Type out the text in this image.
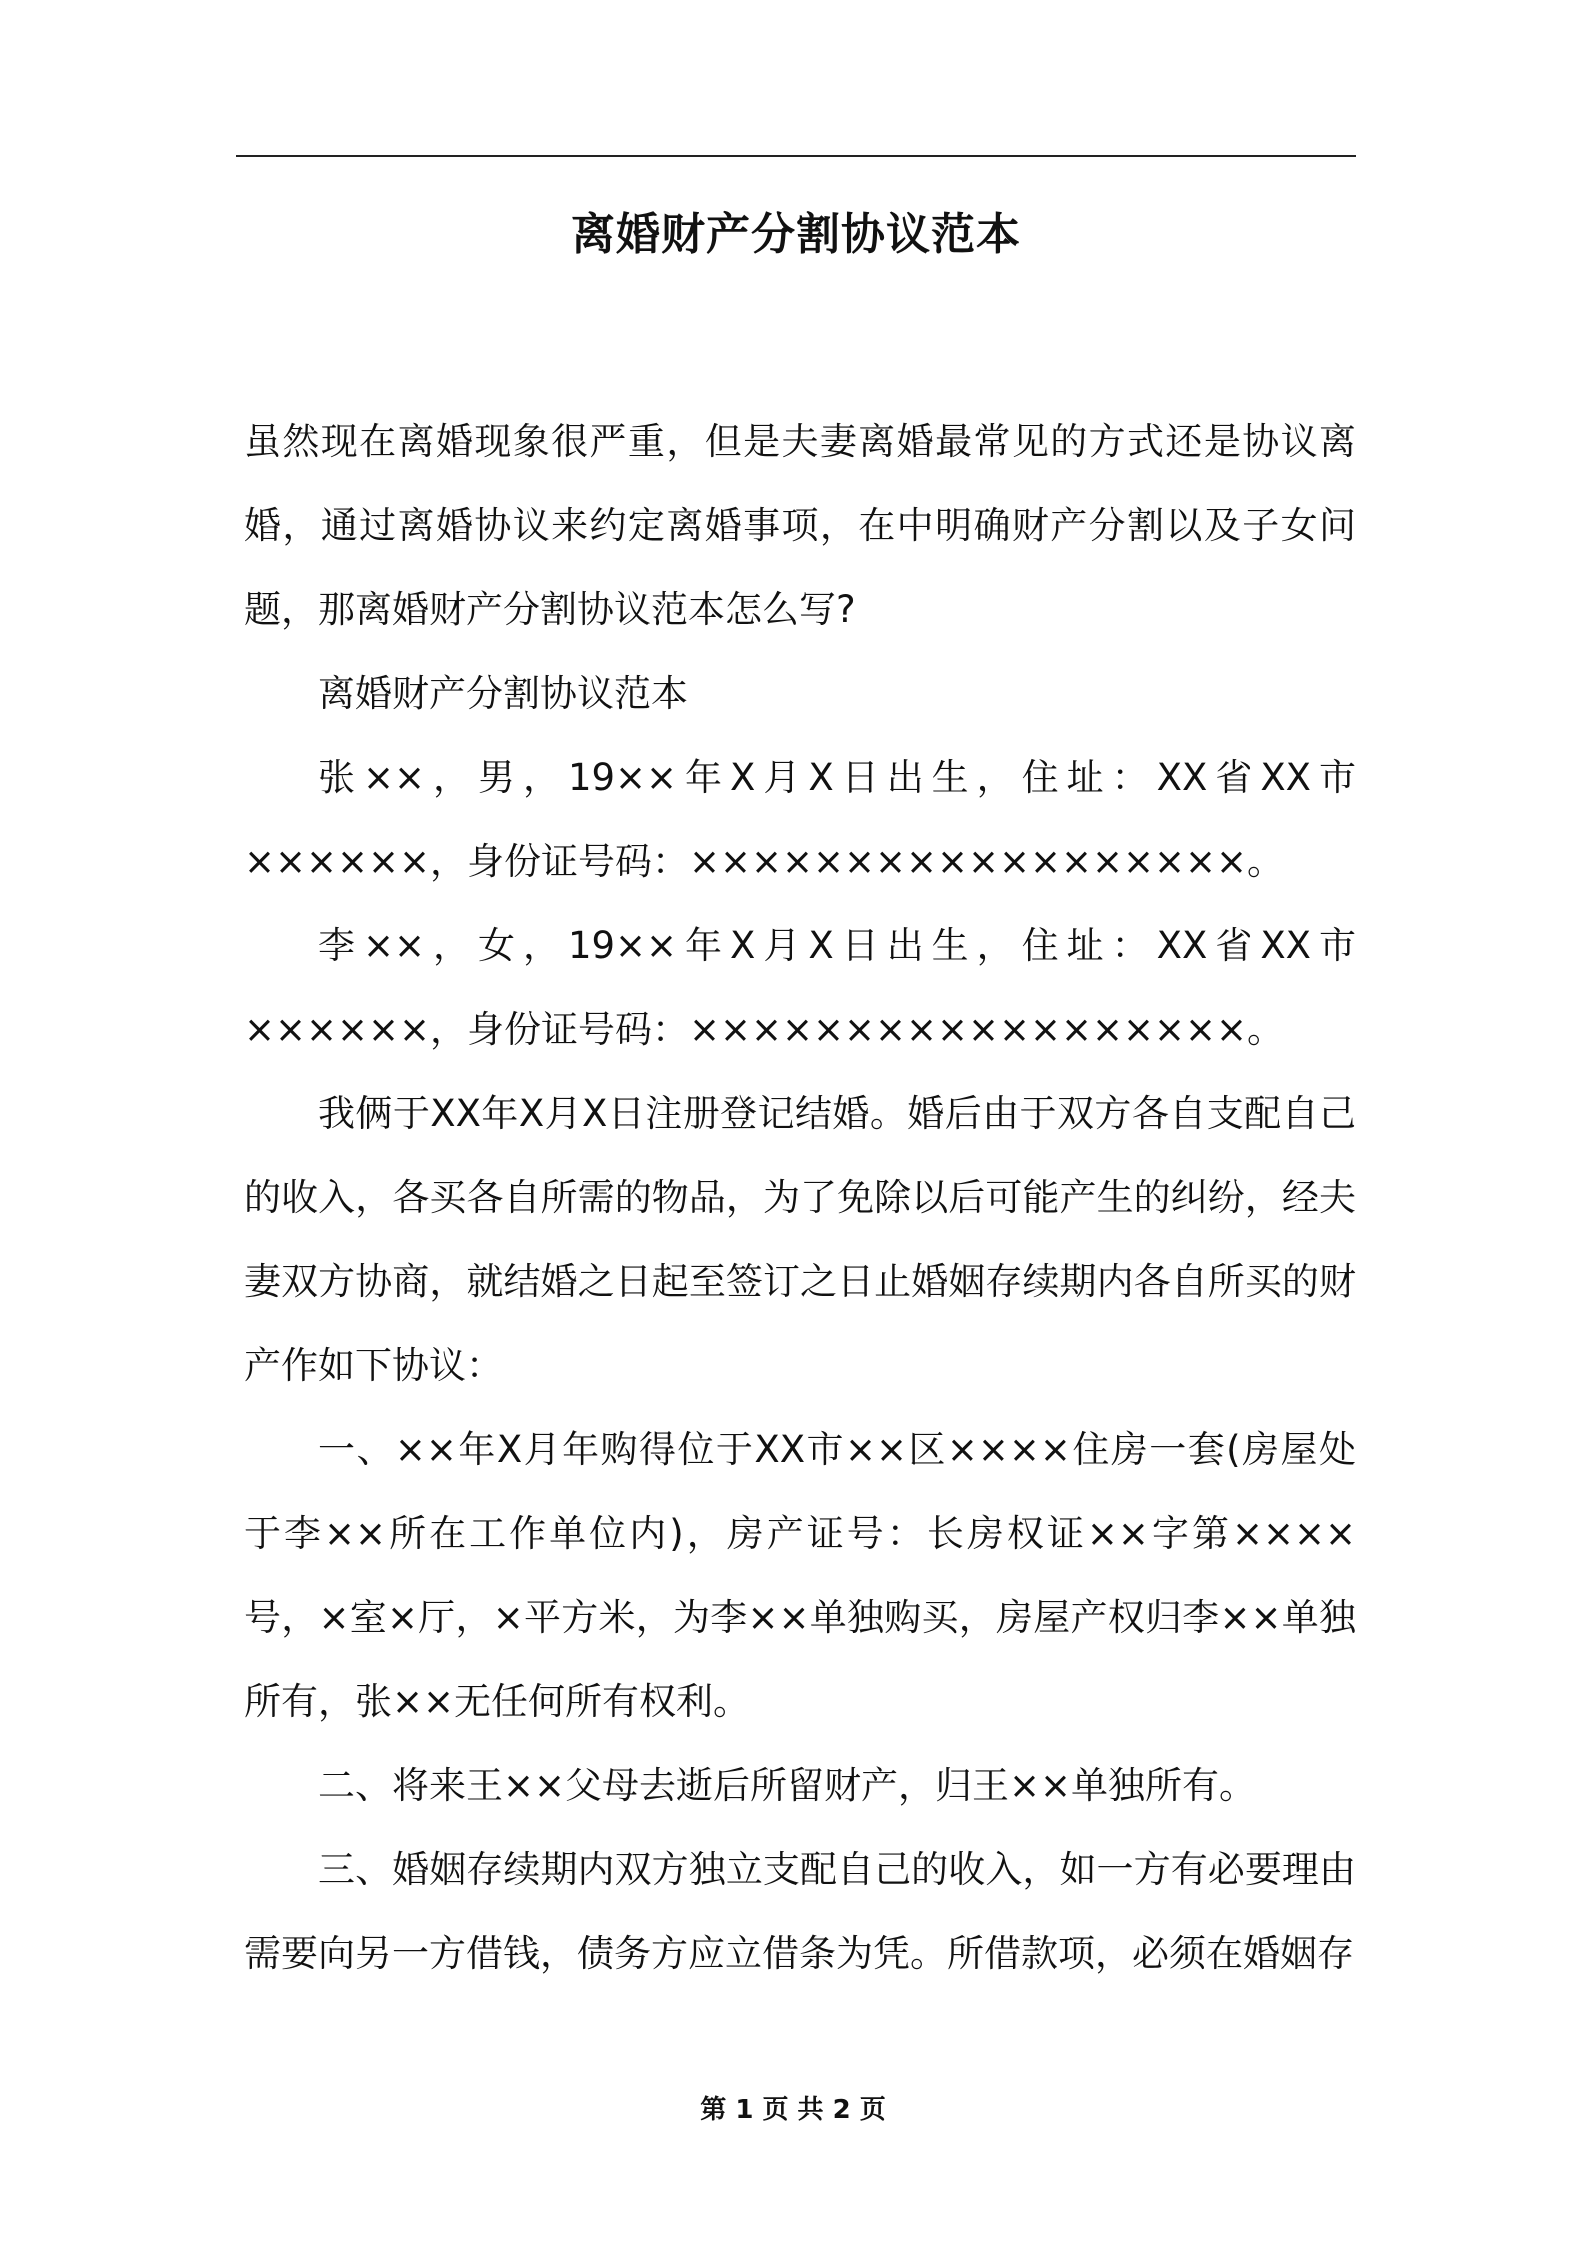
离婚财产分割协议范本

虽然现在离婚现象很严重，但是夫妻离婚最常见的方式还是协议离婚，通过离婚协议来约定离婚事项，在中明确财产分割以及子女问题，那离婚财产分割协议范本怎么写?

离婚财产分割协议范本

张××，男，19××年X月X日出生，住址：XX省XX市××××××，身份证号码：××××××××××××××××××。

李××，女，19××年X月X日出生，住址：XX省XX市××××××，身份证号码：××××××××××××××××××。

我俩于XX年X月X日注册登记结婚。婚后由于双方各自支配自己的收入，各买各自所需的物品，为了免除以后可能产生的纠纷，经夫妻双方协商，就结婚之日起至签订之日止婚姻存续期内各自所买的财产作如下协议：

一、××年X月年购得位于XX市××区××××住房一套(房屋处于李××所在工作单位内)，房产证号：长房权证××字第××××号，×室×厅，×平方米，为李××单独购买，房屋产权归李××单独所有，张××无任何所有权利。

二、将来王××父母去逝后所留财产，归王××单独所有。

三、婚姻存续期内双方独立支配自己的收入，如一方有必要理由需要向另一方借钱，债务方应立借条为凭。所借款项，必须在婚姻存

第 1 页 共 2 页
